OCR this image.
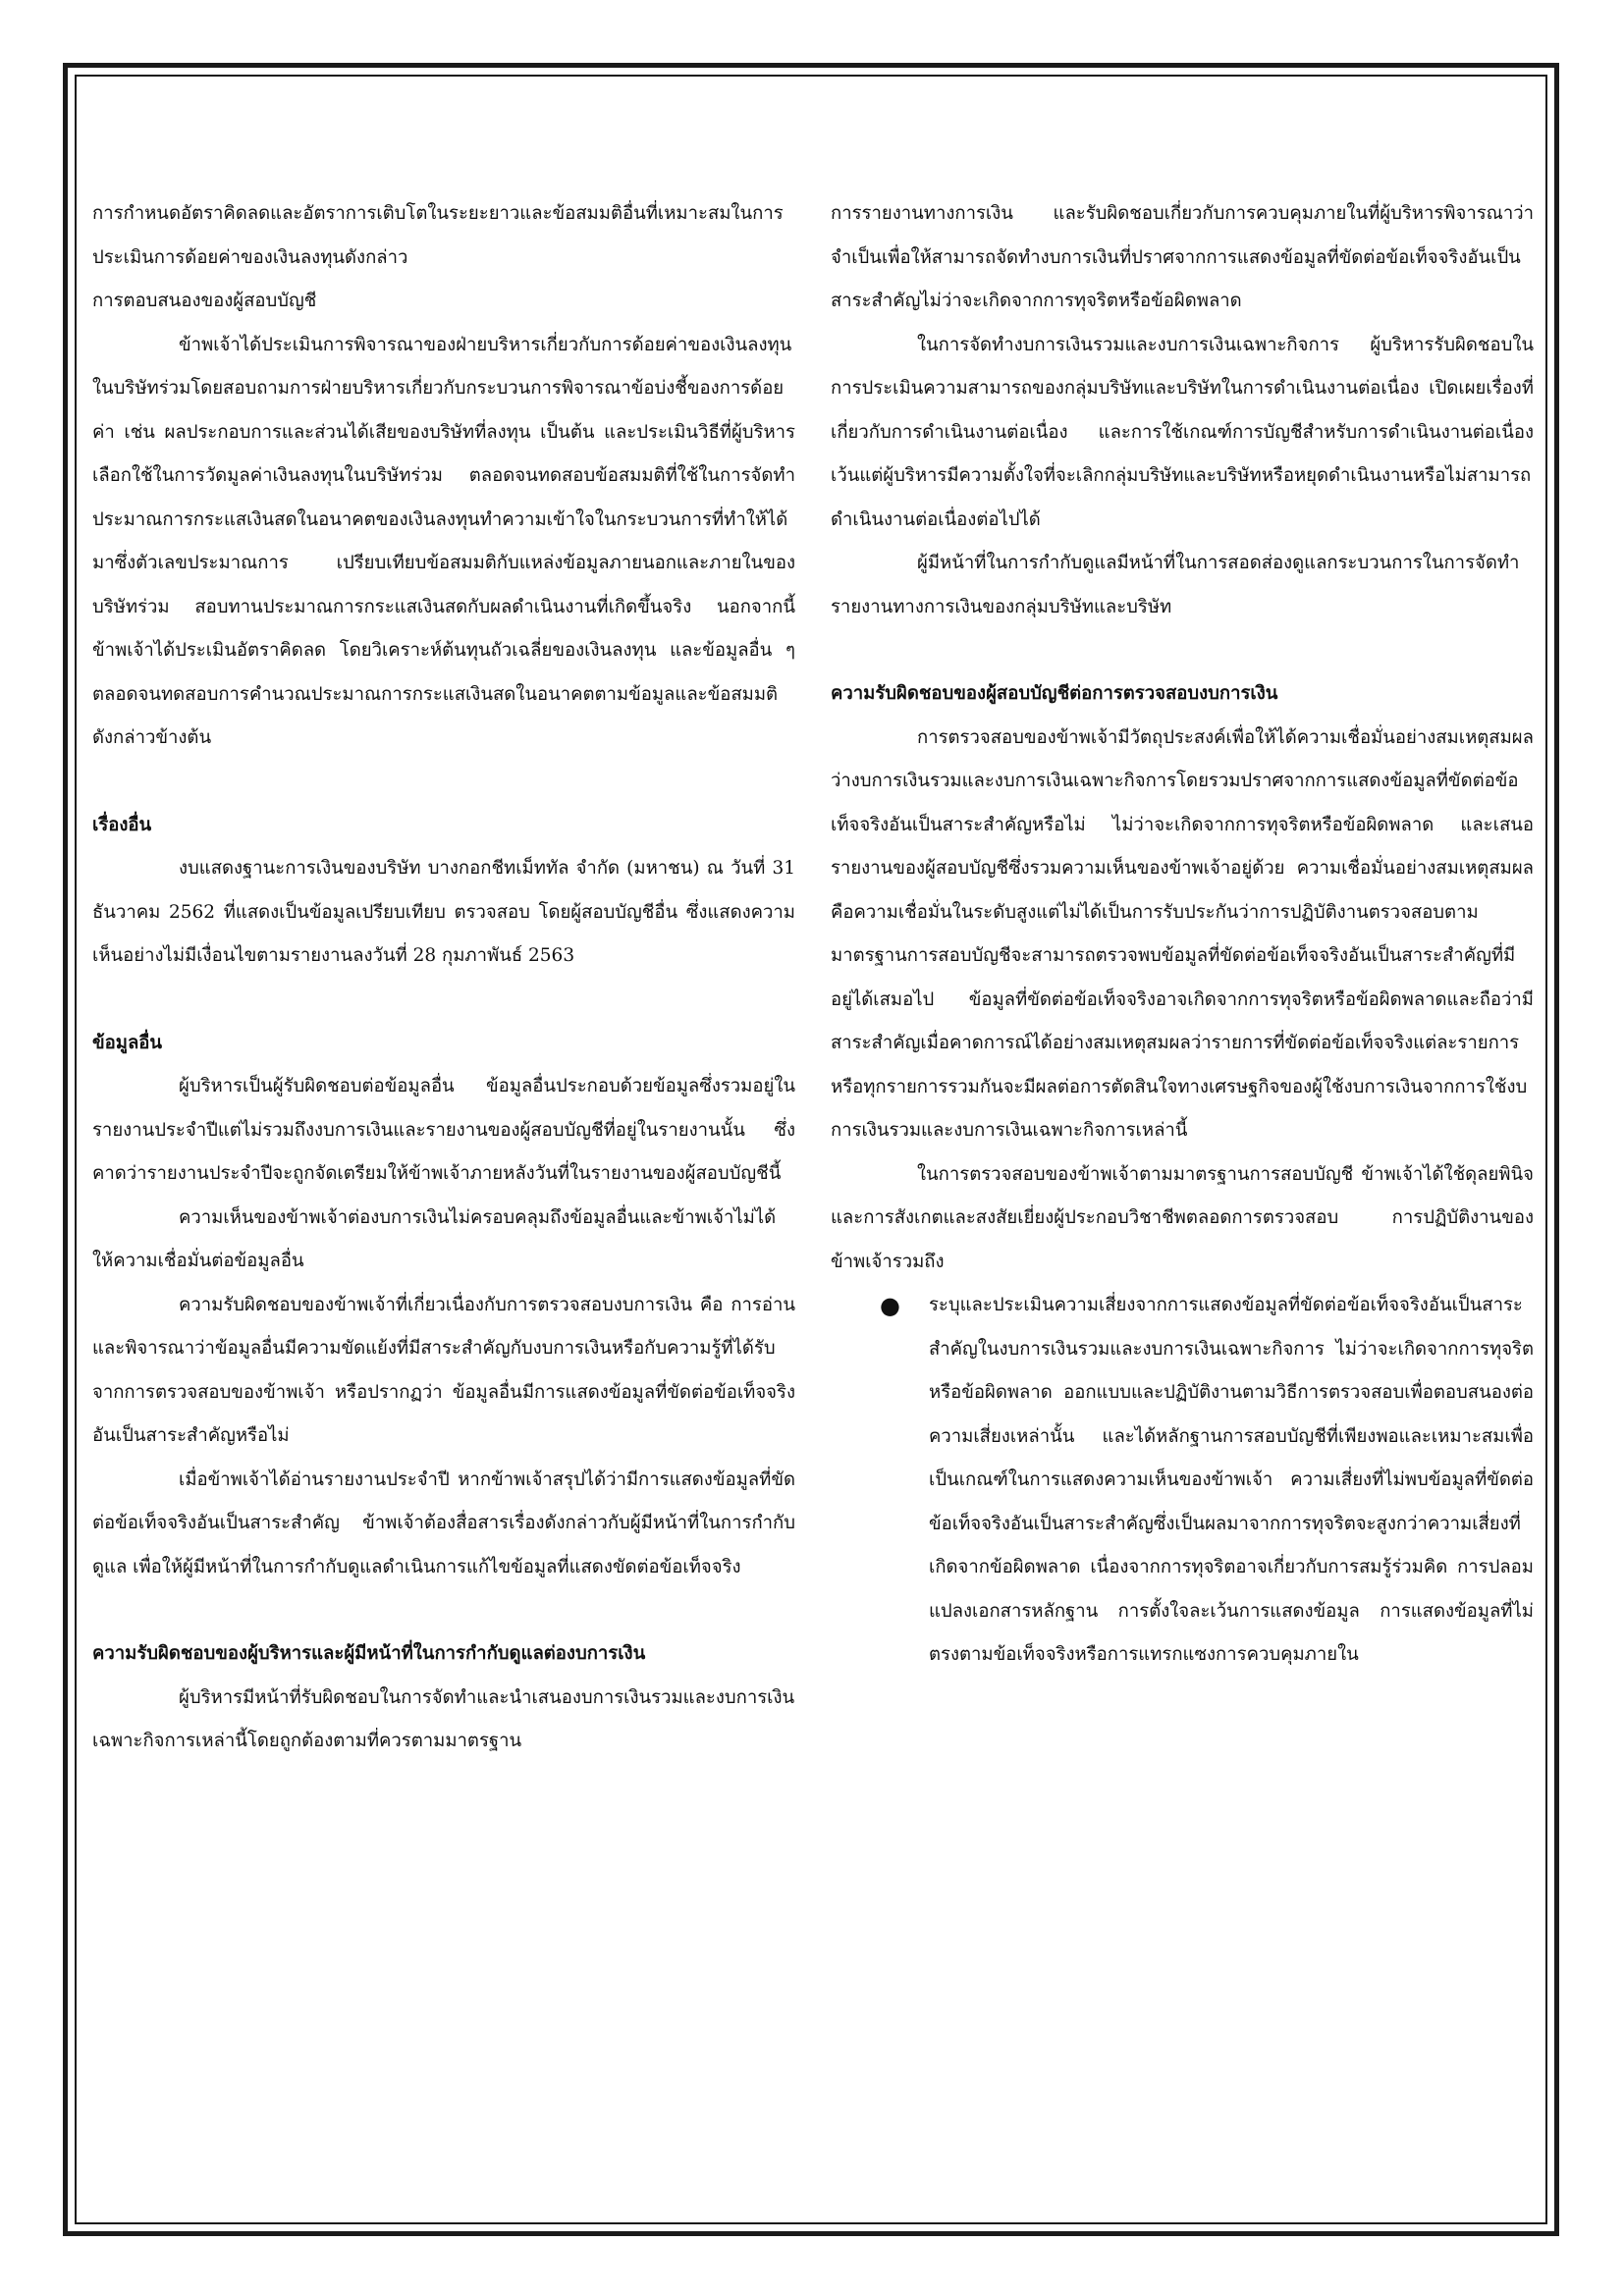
การกำหนดอัตราคิดลดและอัตราการเติบโตในระยะยาวและข้อสมมติอื่นที่เหมาะสมในการประเมินการด้อยค่าของเงินลงทุนดังกล่าว

การตอบสนองของผู้สอบบัญชี

ข้าพเจ้าได้ประเมินการพิจารณาของฝ่ายบริหารเกี่ยวกับการด้อยค่าของเงินลงทุนในบริษัทร่วมโดยสอบถามการฝ่ายบริหารเกี่ยวกับกระบวนการพิจารณาข้อบ่งชี้ของการด้อยค่า เช่น ผลประกอบการและส่วนได้เสียของบริษัทที่ลงทุน เป็นต้น และประเมินวิธีที่ผู้บริหารเลือกใช้ในการวัดมูลค่าเงินลงทุนในบริษัทร่วม ตลอดจนทดสอบข้อสมมติที่ใช้ในการจัดทำประมาณการกระแสเงินสดในอนาคตของเงินลงทุนทำความเข้าใจในกระบวนการที่ทำให้ได้มาซึ่งตัวเลขประมาณการ เปรียบเทียบข้อสมมติกับแหล่งข้อมูลภายนอกและภายในของบริษัทร่วม สอบทานประมาณการกระแสเงินสดกับผลดำเนินงานที่เกิดขึ้นจริง นอกจากนี้ ข้าพเจ้าได้ประเมินอัตราคิดลด โดยวิเคราะห์ต้นทุนถัวเฉลี่ยของเงินลงทุน และข้อมูลอื่น ๆ ตลอดจนทดสอบการคำนวณประมาณการกระแสเงินสดในอนาคตตามข้อมูลและข้อสมมติดังกล่าวข้างต้น

เรื่องอื่น

งบแสดงฐานะการเงินของบริษัท บางกอกชีทเม็ททัล จำกัด (มหาชน) ณ วันที่ 31 ธันวาคม 2562 ที่แสดงเป็นข้อมูลเปรียบเทียบ ตรวจสอบ โดยผู้สอบบัญชีอื่น ซึ่งแสดงความเห็นอย่างไม่มีเงื่อนไขตามรายงานลงวันที่ 28 กุมภาพันธ์ 2563

ข้อมูลอื่น

ผู้บริหารเป็นผู้รับผิดชอบต่อข้อมูลอื่น ข้อมูลอื่นประกอบด้วยข้อมูลซึ่งรวมอยู่ในรายงานประจำปีแต่ไม่รวมถึงงบการเงินและรายงานของผู้สอบบัญชีที่อยู่ในรายงานนั้น ซึ่งคาดว่ารายงานประจำปีจะถูกจัดเตรียมให้ข้าพเจ้าภายหลังวันที่ในรายงานของผู้สอบบัญชีนี้

ความเห็นของข้าพเจ้าต่องบการเงินไม่ครอบคลุมถึงข้อมูลอื่นและข้าพเจ้าไม่ได้ให้ความเชื่อมั่นต่อข้อมูลอื่น

ความรับผิดชอบของข้าพเจ้าที่เกี่ยวเนื่องกับการตรวจสอบงบการเงิน คือ การอ่านและพิจารณาว่าข้อมูลอื่นมีความขัดแย้งที่มีสาระสำคัญกับงบการเงินหรือกับความรู้ที่ได้รับจากการตรวจสอบของข้าพเจ้า หรือปรากฏว่า ข้อมูลอื่นมีการแสดงข้อมูลที่ขัดต่อข้อเท็จจริงอันเป็นสาระสำคัญหรือไม่

เมื่อข้าพเจ้าได้อ่านรายงานประจำปี หากข้าพเจ้าสรุปได้ว่ามีการแสดงข้อมูลที่ขัดต่อข้อเท็จจริงอันเป็นสาระสำคัญ ข้าพเจ้าต้องสื่อสารเรื่องดังกล่าวกับผู้มีหน้าที่ในการกำกับดูแล เพื่อให้ผู้มีหน้าที่ในการกำกับดูแลดำเนินการแก้ไขข้อมูลที่แสดงขัดต่อข้อเท็จจริง

ความรับผิดชอบของผู้บริหารและผู้มีหน้าที่ในการกำกับดูแลต่องบการเงิน

ผู้บริหารมีหน้าที่รับผิดชอบในการจัดทำและนำเสนองบการเงินรวมและงบการเงินเฉพาะกิจการเหล่านี้โดยถูกต้องตามที่ควรตามมาตรฐาน

การรายงานทางการเงิน และรับผิดชอบเกี่ยวกับการควบคุมภายในที่ผู้บริหารพิจารณาว่าจำเป็นเพื่อให้สามารถจัดทำงบการเงินที่ปราศจากการแสดงข้อมูลที่ขัดต่อข้อเท็จจริงอันเป็นสาระสำคัญไม่ว่าจะเกิดจากการทุจริตหรือข้อผิดพลาด

ในการจัดทำงบการเงินรวมและงบการเงินเฉพาะกิจการ ผู้บริหารรับผิดชอบในการประเมินความสามารถของกลุ่มบริษัทและบริษัทในการดำเนินงานต่อเนื่อง เปิดเผยเรื่องที่เกี่ยวกับการดำเนินงานต่อเนื่อง และการใช้เกณฑ์การบัญชีสำหรับการดำเนินงานต่อเนื่องเว้นแต่ผู้บริหารมีความตั้งใจที่จะเลิกกลุ่มบริษัทและบริษัทหรือหยุดดำเนินงานหรือไม่สามารถดำเนินงานต่อเนื่องต่อไปได้

ผู้มีหน้าที่ในการกำกับดูแลมีหน้าที่ในการสอดส่องดูแลกระบวนการในการจัดทำรายงานทางการเงินของกลุ่มบริษัทและบริษัท

ความรับผิดชอบของผู้สอบบัญชีต่อการตรวจสอบงบการเงิน

การตรวจสอบของข้าพเจ้ามีวัตถุประสงค์เพื่อให้ได้ความเชื่อมั่นอย่างสมเหตุสมผลว่างบการเงินรวมและงบการเงินเฉพาะกิจการโดยรวมปราศจากการแสดงข้อมูลที่ขัดต่อข้อเท็จจริงอันเป็นสาระสำคัญหรือไม่ ไม่ว่าจะเกิดจากการทุจริตหรือข้อผิดพลาด และเสนอรายงานของผู้สอบบัญชีซึ่งรวมความเห็นของข้าพเจ้าอยู่ด้วย ความเชื่อมั่นอย่างสมเหตุสมผลคือความเชื่อมั่นในระดับสูงแต่ไม่ได้เป็นการรับประกันว่าการปฏิบัติงานตรวจสอบตามมาตรฐานการสอบบัญชีจะสามารถตรวจพบข้อมูลที่ขัดต่อข้อเท็จจริงอันเป็นสาระสำคัญที่มีอยู่ได้เสมอไป ข้อมูลที่ขัดต่อข้อเท็จจริงอาจเกิดจากการทุจริตหรือข้อผิดพลาดและถือว่ามีสาระสำคัญเมื่อคาดการณ์ได้อย่างสมเหตุสมผลว่ารายการที่ขัดต่อข้อเท็จจริงแต่ละรายการหรือทุกรายการรวมกันจะมีผลต่อการตัดสินใจทางเศรษฐกิจของผู้ใช้งบการเงินจากการใช้งบการเงินรวมและงบการเงินเฉพาะกิจการเหล่านี้

ในการตรวจสอบของข้าพเจ้าตามมาตรฐานการสอบบัญชี ข้าพเจ้าได้ใช้ดุลยพินิจและการสังเกตและสงสัยเยี่ยงผู้ประกอบวิชาชีพตลอดการตรวจสอบ การปฏิบัติงานของข้าพเจ้ารวมถึง

● ระบุและประเมินความเสี่ยงจากการแสดงข้อมูลที่ขัดต่อข้อเท็จจริงอันเป็นสาระสำคัญในงบการเงินรวมและงบการเงินเฉพาะกิจการ ไม่ว่าจะเกิดจากการทุจริตหรือข้อผิดพลาด ออกแบบและปฏิบัติงานตามวิธีการตรวจสอบเพื่อตอบสนองต่อความเสี่ยงเหล่านั้น และได้หลักฐานการสอบบัญชีที่เพียงพอและเหมาะสมเพื่อเป็นเกณฑ์ในการแสดงความเห็นของข้าพเจ้า ความเสี่ยงที่ไม่พบข้อมูลที่ขัดต่อข้อเท็จจริงอันเป็นสาระสำคัญซึ่งเป็นผลมาจากการทุจริตจะสูงกว่าความเสี่ยงที่เกิดจากข้อผิดพลาด เนื่องจากการทุจริตอาจเกี่ยวกับการสมรู้ร่วมคิด การปลอมแปลงเอกสารหลักฐาน การตั้งใจละเว้นการแสดงข้อมูล การแสดงข้อมูลที่ไม่ตรงตามข้อเท็จจริงหรือการแทรกแซงการควบคุมภายใน
